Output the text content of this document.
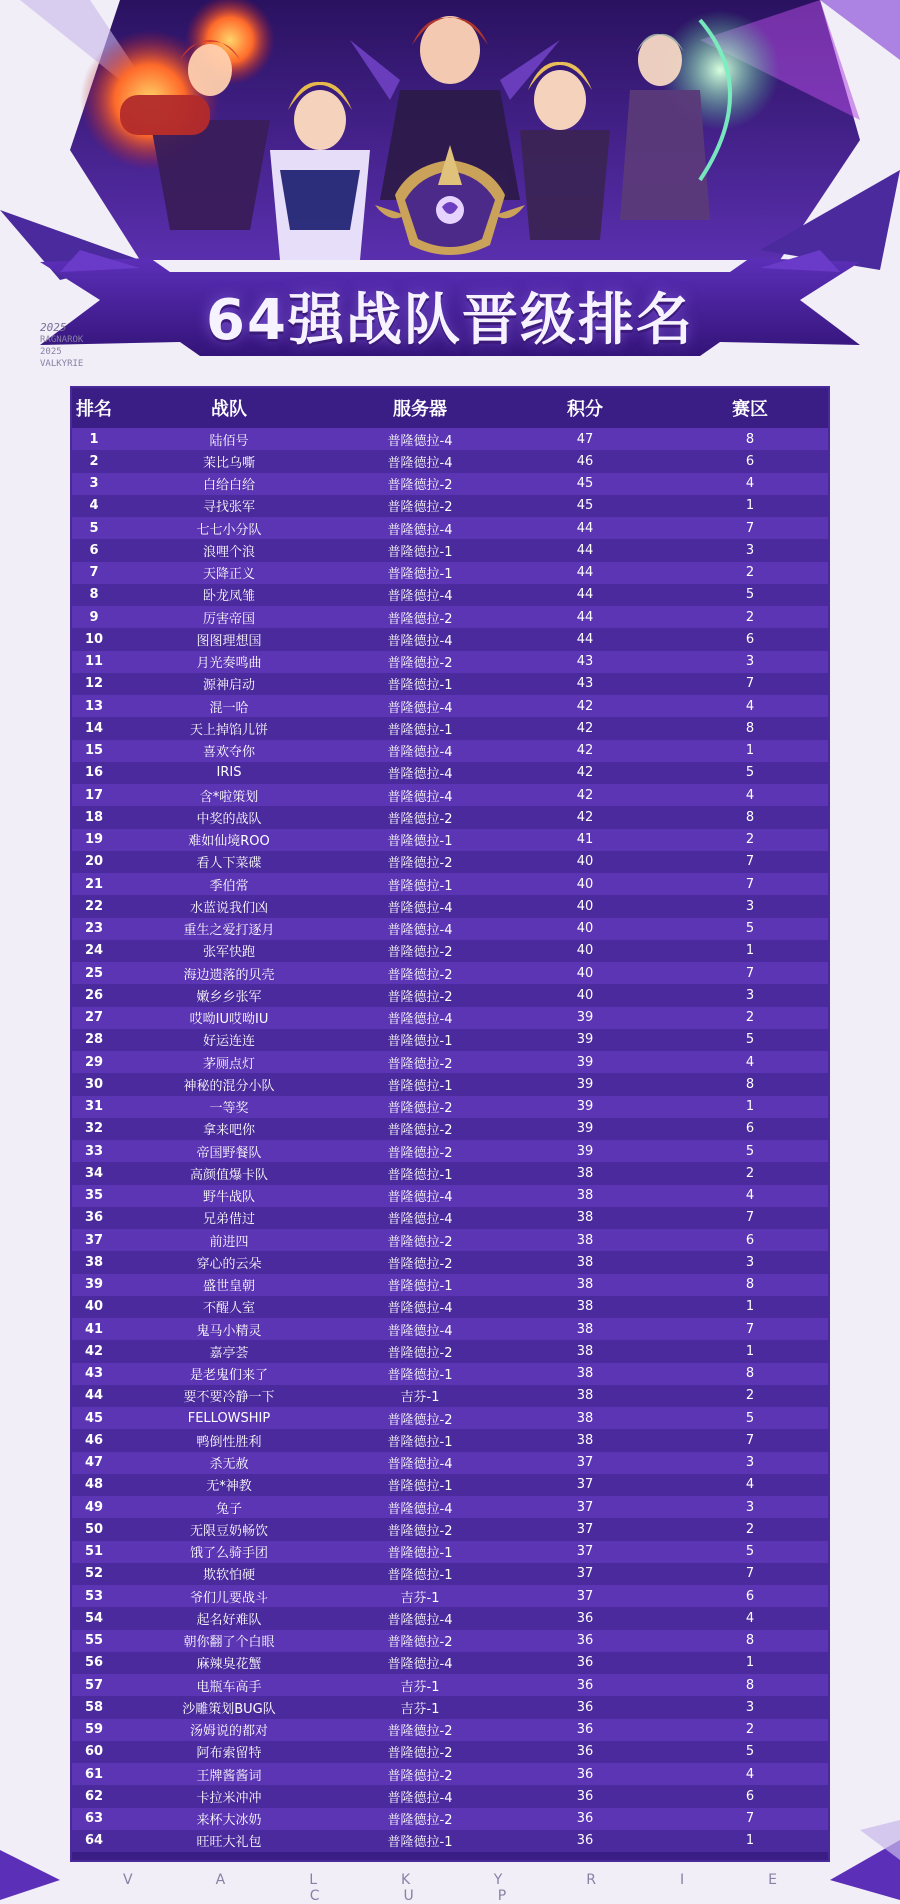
2025
RAGNAROK
2025
VALKYRIE
64强战队晋级排名
排名	战队	服务器	积分	赛区
1	陆佰号	普隆德拉-4	47	8
2	茉比乌嘶	普隆德拉-4	46	6
3	白给白给	普隆德拉-2	45	4
4	寻找张军	普隆德拉-2	45	1
5	七七小分队	普隆德拉-4	44	7
6	浪哩个浪	普隆德拉-1	44	3
7	天降正义	普隆德拉-1	44	2
8	卧龙凤雏	普隆德拉-4	44	5
9	厉害帝国	普隆德拉-2	44	2
10	图图理想国	普隆德拉-4	44	6
11	月光奏鸣曲	普隆德拉-2	43	3
12	源神启动	普隆德拉-1	43	7
13	混一哈	普隆德拉-4	42	4
14	天上掉馅儿饼	普隆德拉-1	42	8
15	喜欢夺你	普隆德拉-4	42	1
16	IRIS	普隆德拉-4	42	5
17	含*啦策划	普隆德拉-4	42	4
18	中奖的战队	普隆德拉-2	42	8
19	难如仙境ROO	普隆德拉-1	41	2
20	看人下菜碟	普隆德拉-2	40	7
21	季伯常	普隆德拉-1	40	7
22	水蓝说我们凶	普隆德拉-4	40	3
23	重生之爱打逐月	普隆德拉-4	40	5
24	张军快跑	普隆德拉-2	40	1
25	海边遗落的贝壳	普隆德拉-2	40	7
26	嫩乡乡张军	普隆德拉-2	40	3
27	哎呦IU哎呦IU	普隆德拉-4	39	2
28	好运连连	普隆德拉-1	39	5
29	茅厕点灯	普隆德拉-2	39	4
30	神秘的混分小队	普隆德拉-1	39	8
31	一等奖	普隆德拉-2	39	1
32	拿来吧你	普隆德拉-2	39	6
33	帝国野餐队	普隆德拉-2	39	5
34	高颜值爆卡队	普隆德拉-1	38	2
35	野牛战队	普隆德拉-4	38	4
36	兄弟借过	普隆德拉-4	38	7
37	前进四	普隆德拉-2	38	6
38	穿心的云朵	普隆德拉-2	38	3
39	盛世皇朝	普隆德拉-1	38	8
40	不醒人室	普隆德拉-4	38	1
41	鬼马小精灵	普隆德拉-4	38	7
42	嘉亭荟	普隆德拉-2	38	1
43	是老鬼们来了	普隆德拉-1	38	8
44	要不要冷静一下	吉芬-1	38	2
45	FELLOWSHIP	普隆德拉-2	38	5
46	鸭倒性胜利	普隆德拉-1	38	7
47	杀无赦	普隆德拉-4	37	3
48	无*神教	普隆德拉-1	37	4
49	兔子	普隆德拉-4	37	3
50	无限豆奶畅饮	普隆德拉-2	37	2
51	饿了么骑手团	普隆德拉-1	37	5
52	欺软怕硬	普隆德拉-1	37	7
53	爷们儿要战斗	吉芬-1	37	6
54	起名好难队	普隆德拉-4	36	4
55	朝你翻了个白眼	普隆德拉-2	36	8
56	麻辣臭花蟹	普隆德拉-4	36	1
57	电瓶车高手	吉芬-1	36	8
58	沙雕策划BUG队	吉芬-1	36	3
59	汤姆说的都对	普隆德拉-2	36	2
60	阿布索留特	普隆德拉-2	36	5
61	王牌酱酱词	普隆德拉-2	36	4
62	卡拉米冲冲	普隆德拉-4	36	6
63	来杯大冰奶	普隆德拉-2	36	7
64	旺旺大礼包	普隆德拉-1	36	1
VALKYRIE CUP
